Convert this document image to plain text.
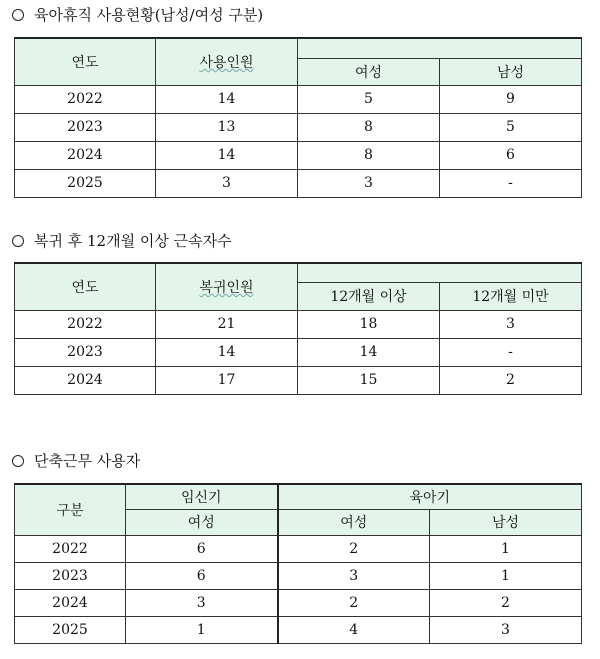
육아휴직 사용현황(남성/여성 구분)
연도	사용인원		
		여성	남성
2022	14	5	9
2023	13	8	5
2024	14	8	6
2025	3	3	-
복귀 후 12개월 이상 근속자수
연도	복귀인원		
		12개월 이상	12개월 미만
2022	21	18	3
2023	14	14	-
2024	17	15	2
단축근무 사용자
구분	임신기	육아기	
	여성	여성	남성
2022	6	2	1
2023	6	3	1
2024	3	2	2
2025	1	4	3
